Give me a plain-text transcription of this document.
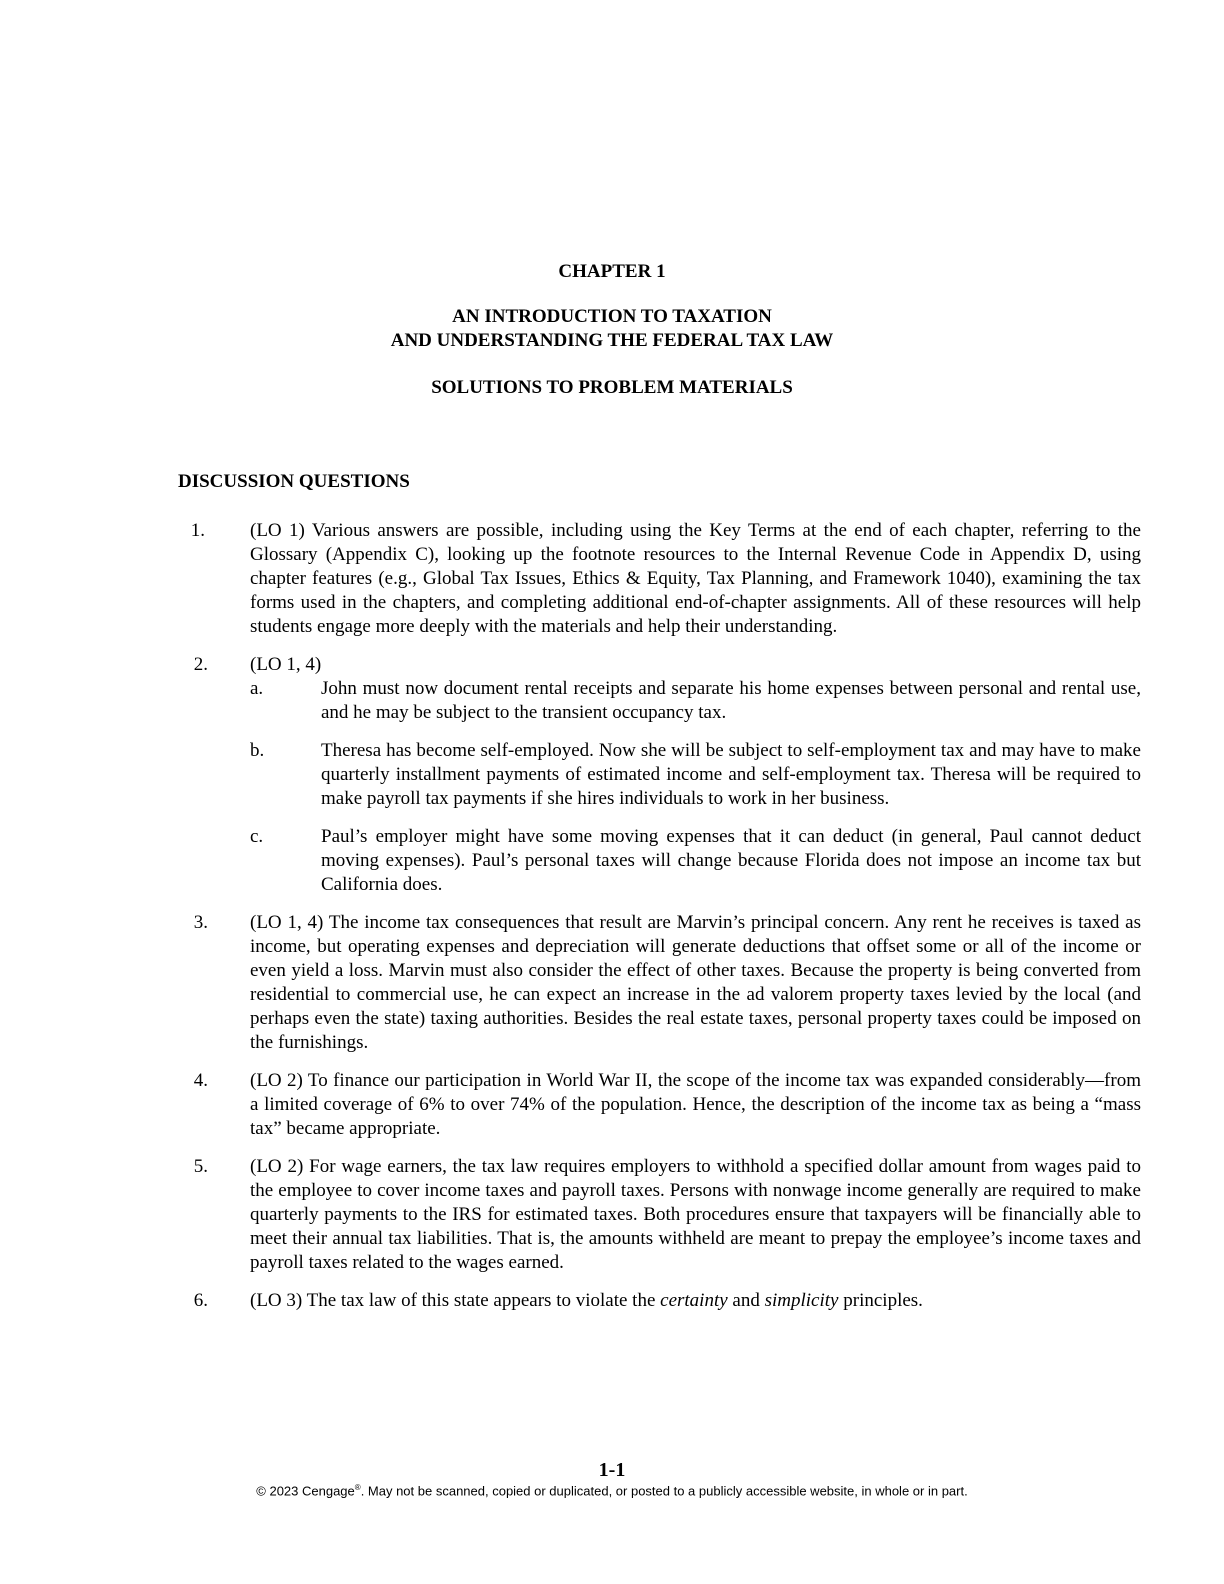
CHAPTER 1

AN INTRODUCTION TO TAXATION

AND UNDERSTANDING THE FEDERAL TAX LAW

SOLUTIONS TO PROBLEM MATERIALS

DISCUSSION QUESTIONS

1. (LO 1) Various answers are possible, including using the Key Terms at the end of each chapter, referring to the Glossary (Appendix C), looking up the footnote resources to the Internal Revenue Code in Appendix D, using chapter features (e.g., Global Tax Issues, Ethics & Equity, Tax Planning, and Framework 1040), examining the tax forms used in the chapters, and completing additional end-of-chapter assignments. All of these resources will help students engage more deeply with the materials and help their understanding.

2. (LO 1, 4)

a.	John must now document rental receipts and separate his home expenses between personal and rental use, and he may be subject to the transient occupancy tax.

b.	Theresa has become self-employed. Now she will be subject to self-employment tax and may have to make quarterly installment payments of estimated income and self-employment tax. Theresa will be required to make payroll tax payments if she hires individuals to work in her business.

c.	Paul’s employer might have some moving expenses that it can deduct (in general, Paul cannot deduct moving expenses). Paul’s personal taxes will change because Florida does not impose an income tax but California does.

3. (LO 1, 4) The income tax consequences that result are Marvin’s principal concern. Any rent he receives is taxed as income, but operating expenses and depreciation will generate deductions that offset some or all of the income or even yield a loss. Marvin must also consider the effect of other taxes. Because the property is being converted from residential to commercial use, he can expect an increase in the ad valorem property taxes levied by the local (and perhaps even the state) taxing authorities. Besides the real estate taxes, personal property taxes could be imposed on the furnishings.

4. (LO 2) To finance our participation in World War II, the scope of the income tax was expanded considerably—from a limited coverage of 6% to over 74% of the population. Hence, the description of the income tax as being a “mass tax” became appropriate.

5. (LO 2) For wage earners, the tax law requires employers to withhold a specified dollar amount from wages paid to the employee to cover income taxes and payroll taxes. Persons with nonwage income generally are required to make quarterly payments to the IRS for estimated taxes. Both procedures ensure that taxpayers will be financially able to meet their annual tax liabilities. That is, the amounts withheld are meant to prepay the employee’s income taxes and payroll taxes related to the wages earned.

6. (LO 3) The tax law of this state appears to violate the certainty and simplicity principles.

1-1

© 2023 Cengage®. May not be scanned, copied or duplicated, or posted to a publicly accessible website, in whole or in part.
